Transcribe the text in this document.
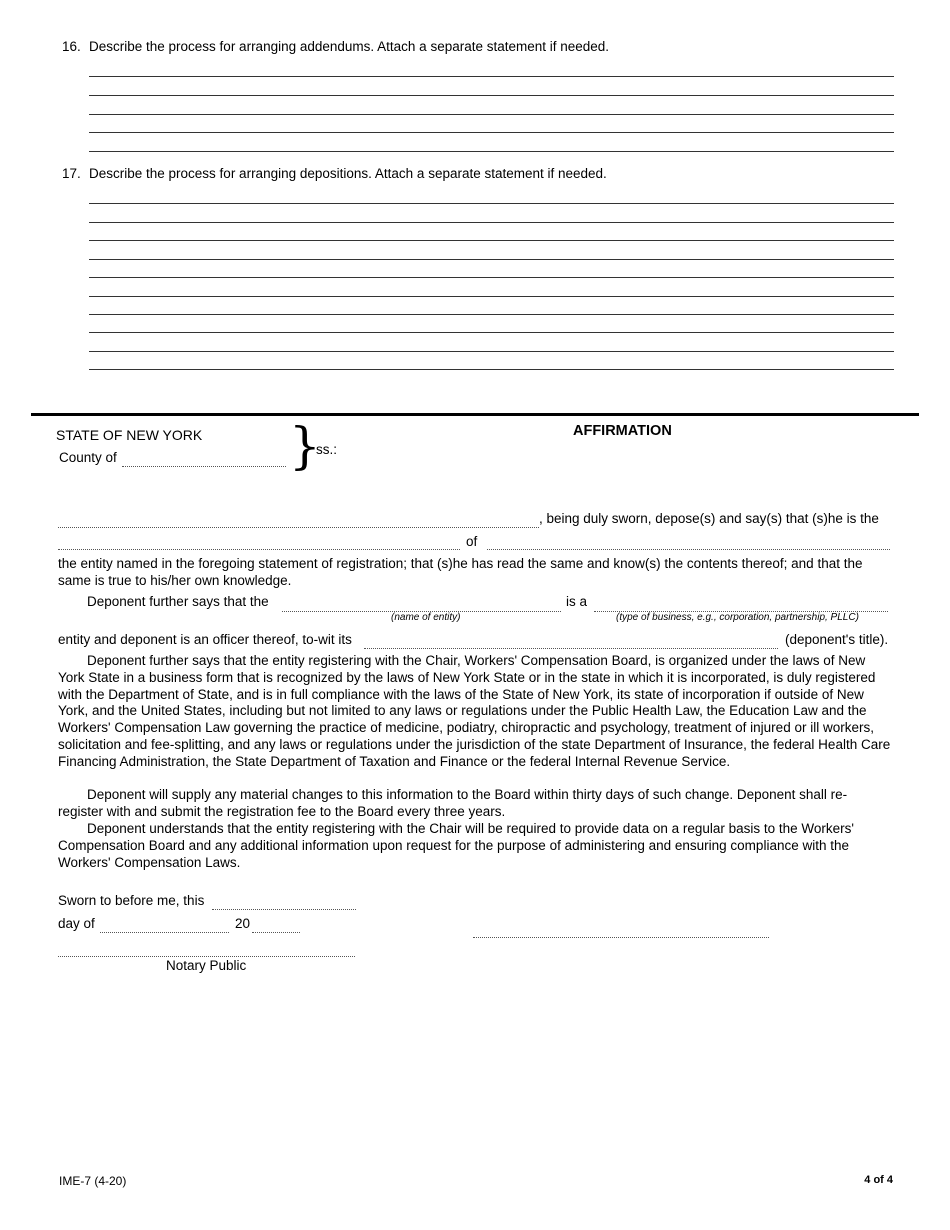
16. Describe the process for arranging addendums. Attach a separate statement if needed.
17. Describe the process for arranging depositions. Attach a separate statement if needed.
STATE OF NEW YORK
County of	}
ss.:
AFFIRMATION
, being duly sworn, depose(s) and say(s) that (s)he is the
of
the entity named in the foregoing statement of registration; that (s)he has read the same and know(s) the contents thereof; and that the same is true to his/her own knowledge.
Deponent further says that the	is a
(name of entity)	(type of business, e.g., corporation, partnership, PLLC)
entity and deponent is an officer thereof, to-wit its	(deponent's title).
Deponent further says that the entity registering with the Chair, Workers' Compensation Board, is organized under the laws of New York State in a business form that is recognized by the laws of New York State or in the state in which it is incorporated, is duly registered with the Department of State, and is in full compliance with the laws of the State of New York, its state of incorporation if outside of New York, and the United States, including but not limited to any laws or regulations under the Public Health Law, the Education Law and the Workers' Compensation Law governing the practice of medicine, podiatry, chiropractic and psychology, treatment of injured or ill workers, solicitation and fee-splitting, and any laws or regulations under the jurisdiction of the state Department of Insurance, the federal Health Care Financing Administration, the State Department of Taxation and Finance or the federal Internal Revenue Service.
Deponent will supply any material changes to this information to the Board within thirty days of such change. Deponent shall re-register with and submit the registration fee to the Board every three years.
Deponent understands that the entity registering with the Chair will be required to provide data on a regular basis to the Workers' Compensation Board and any additional information upon request for the purpose of administering and ensuring compliance with the Workers' Compensation Laws.
Sworn to before me, this
day of	20
Notary Public
IME-7 (4-20)	4 of 4
